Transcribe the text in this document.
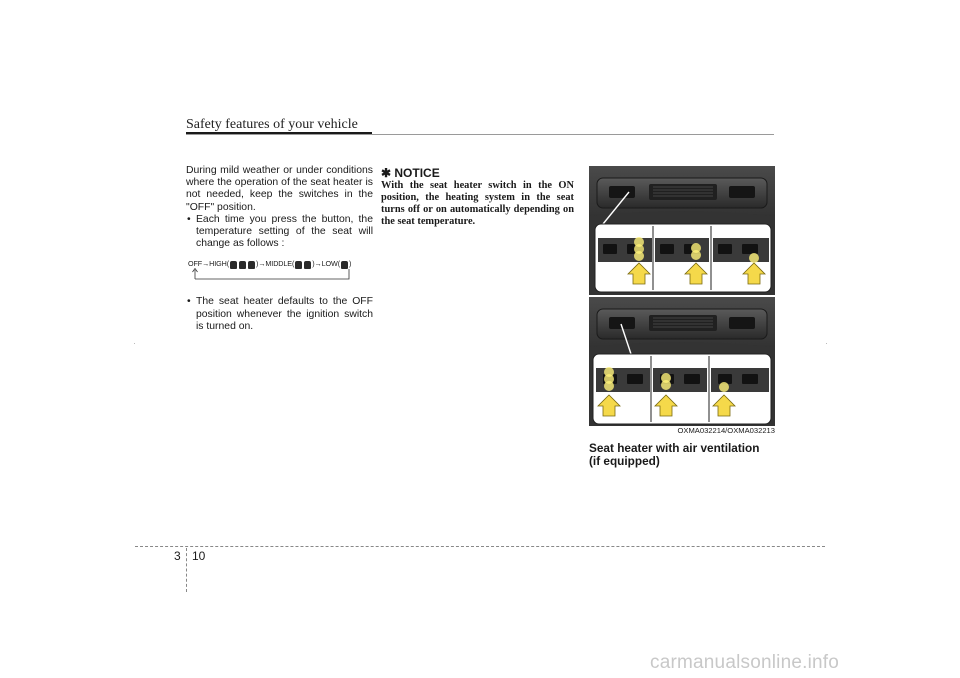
Safety features of your vehicle

During mild weather or under conditions where the operation of the seat heater is not needed, keep the switches in the "OFF" position.

• Each time you press the button, the temperature setting of the seat will change as follows :

OFF →HIGH(	)→MIDDLE(	)→LOW( )

• The seat heater defaults to the OFF position whenever the ignition switch is turned on.

✱ NOTICE
With the seat heater switch in the ON position, the heating system in the seat turns off or on automatically depending on the seat temperature.
OXMA032214/OXMA032213
Seat heater with air ventilation
(if equipped)
3 10
carmanualsonline.info
